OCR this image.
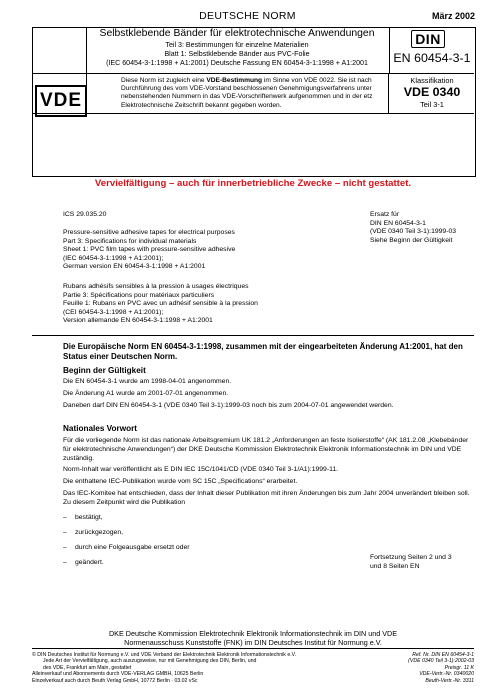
DEUTSCHE NORM	März 2002
Selbstklebende Bänder für elektrotechnische Anwendungen
Teil 3: Bestimmungen für einzelne Materialien
Blatt 1: Selbstklebende Bänder aus PVC-Folie
(IEC 60454-3-1:1998 + A1:2001) Deutsche Fassung EN 60454-3-1:1998 + A1:2001
DIN
EN 60454-3-1
VDE
Diese Norm ist zugleich eine VDE-Bestimmung im Sinne von VDE 0022. Sie ist nach Durchführung des vom VDE-Vorstand beschlossenen Genehmigungsverfahrens unter nebenstehenden Nummern in das VDE-Vorschriftenwerk aufgenommen und in der etz Elektrotechnische Zeitschrift bekannt gegeben worden.
Klassifikation
VDE 0340
Teil 3-1
Vervielfältigung – auch für innerbetriebliche Zwecke – nicht gestattet.
ICS 29.035.20
Pressure-sensitive adhesive tapes for electrical purposes
Part 3: Specifications for individual materials
Sheet 1: PVC film tapes with pressure-sensitive adhesive
(IEC 60454-3-1:1998 + A1:2001);
German version EN 60454-3-1:1998 + A1:2001
Rubans adhésifs sensibles à la pression à usages électriques
Partie 3: Spécifications pour matériaux particuliers
Feuille 1: Rubans en PVC avec un adhésif sensible à la pression
(CEI 60454-3-1:1998 + A1:2001);
Version allemande EN 60454-3-1:1998 + A1:2001
Ersatz für
DIN EN 60454-3-1
(VDE 0340 Teil 3-1):1999-03
Siehe Beginn der Gültigkeit
Die Europäische Norm EN 60454-3-1:1998, zusammen mit der eingearbeiteten Änderung A1:2001, hat den Status einer Deutschen Norm.
Beginn der Gültigkeit
Die EN 60454-3-1 wurde am 1998-04-01 angenommen.
Die Änderung A1 wurde am 2001-07-01 angenommen.
Daneben darf DIN EN 60454-3-1 (VDE 0340 Teil 3-1):1999-03 noch bis zum 2004-07-01 angewendet werden.
Nationales Vorwort
Für die vorliegende Norm ist das nationale Arbeitsgremium UK 181.2 „Anforderungen an feste Isolierstoffe“ (AK 181.2.08 „Klebebänder für elektrotechnische Anwendungen“) der DKE Deutsche Kommission Elektrotechnik Elektronik Informationstechnik im DIN und VDE zuständig.
Norm-Inhalt war veröffentlicht als E DIN IEC 15C/1041/CD (VDE 0340 Teil 3-1/A1):1999-11.
Die enthaltene IEC-Publikation wurde vom SC 15C „Specifications“ erarbeitet.
Das IEC-Komitee hat entschieden, dass der Inhalt dieser Publikation mit ihren Änderungen bis zum Jahr 2004 unverändert bleiben soll. Zu diesem Zeitpunkt wird die Publikation
– bestätigt,
– zurückgezogen,
– durch eine Folgeausgabe ersetzt oder
– geändert.
Fortsetzung Seiten 2 und 3
und 8 Seiten EN
DKE Deutsche Kommission Elektrotechnik Elektronik Informationstechnik im DIN und VDE
Normenausschuss Kunststoffe (FNK) im DIN Deutsches Institut für Normung e.V.
© DIN Deutsches Institut für Normung e.V. und VDE Verband der Elektrotechnik Elektronik Informationstechnik e.V.
Jede Art der Vervielfältigung, auch auszugsweise, nur mit Genehmigung des DIN, Berlin, und
des VDE, Frankfurt am Main, gestattet
Alleinverkauf und Abonnements durch VDE-VERLAG GMBH, 10625 Berlin
Einzelverkauf auch durch Beuth Verlag GmbH, 10772 Berlin · 03.02 vSc
Ref. Nr. DIN EN 60454-3-1
(VDE 0340 Teil 3-1):2002-03
Preisgr. 11 K
VDE-Vertr.-Nr. 0340020
Beuth-Vertr.-Nr. 3311
